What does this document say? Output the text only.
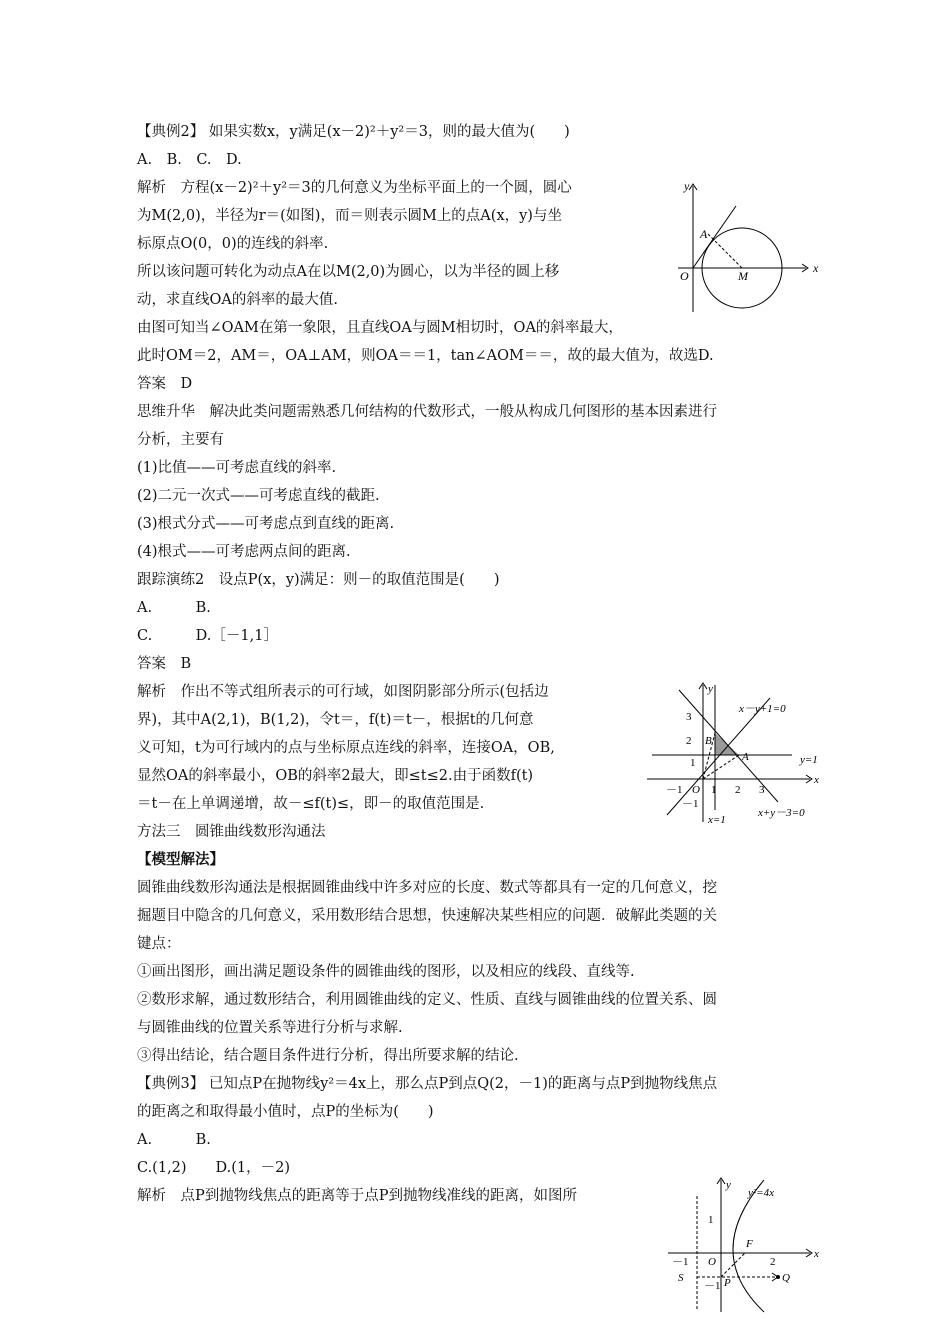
【典例2】 如果实数x，y满足(x－2)²＋y²＝3，则的最大值为(　　)
A.　B.　C.　D.
解析　方程(x－2)²＋y²＝3的几何意义为坐标平面上的一个圆，圆心
为M(2,0)，半径为r＝(如图)，而＝则表示圆M上的点A(x，y)与坐
标原点O(0，0)的连线的斜率.
所以该问题可转化为动点A在以M(2,0)为圆心，以为半径的圆上移
动，求直线OA的斜率的最大值.
由图可知当∠OAM在第一象限，且直线OA与圆M相切时，OA的斜率最大，
此时OM＝2，AM＝，OA⊥AM，则OA＝＝1，tan∠AOM＝＝，故的最大值为，故选D.
答案　D
思维升华　解决此类问题需熟悉几何结构的代数形式，一般从构成几何图形的基本因素进行
分析，主要有
(1)比值——可考虑直线的斜率.
(2)二元一次式——可考虑直线的截距.
(3)根式分式——可考虑点到直线的距离.
(4)根式——可考虑两点间的距离.
跟踪演练2　设点P(x，y)满足：则－的取值范围是(　　)
A.　　　B.
C.　　　D.［－1,1］
答案　B
解析　作出不等式组所表示的可行域，如图阴影部分所示(包括边
界)，其中A(2,1)，B(1,2)，令t＝，f(t)＝t－，根据t的几何意
义可知，t为可行域内的点与坐标原点连线的斜率，连接OA，OB,
显然OA的斜率最小，OB的斜率2最大，即≤t≤2.由于函数f(t)
＝t－在上单调递增，故－≤f(t)≤，即－的取值范围是.
方法三　圆锥曲线数形沟通法
【模型解法】
圆锥曲线数形沟通法是根据圆锥曲线中许多对应的长度、数式等都具有一定的几何意义，挖
掘题目中隐含的几何意义，采用数形结合思想，快速解决某些相应的问题．破解此类题的关
键点：
①画出图形，画出满足题设条件的圆锥曲线的图形，以及相应的线段、直线等.
②数形求解，通过数形结合，利用圆锥曲线的定义、性质、直线与圆锥曲线的位置关系、圆
与圆锥曲线的位置关系等进行分析与求解.
③得出结论，结合题目条件进行分析，得出所要求解的结论.
【典例3】 已知点P在抛物线y²＝4x上，那么点P到点Q(2，－1)的距离与点P到抛物线焦点
的距离之和取得最小值时，点P的坐标为(　　)
A.　　　B.
C.(1,2)　　D.(1，－2)
解析　点P到抛物线焦点的距离等于点P到抛物线准线的距离，如图所
x
y
O	M
A
x－y+1=0
y=1
x=1
x+y－3=0
y
x
3
2
1
－1
1 2 3
－1 O
A
B
y
x
y²=4x
F
O
P	Q
S
1
－1
2
－1
